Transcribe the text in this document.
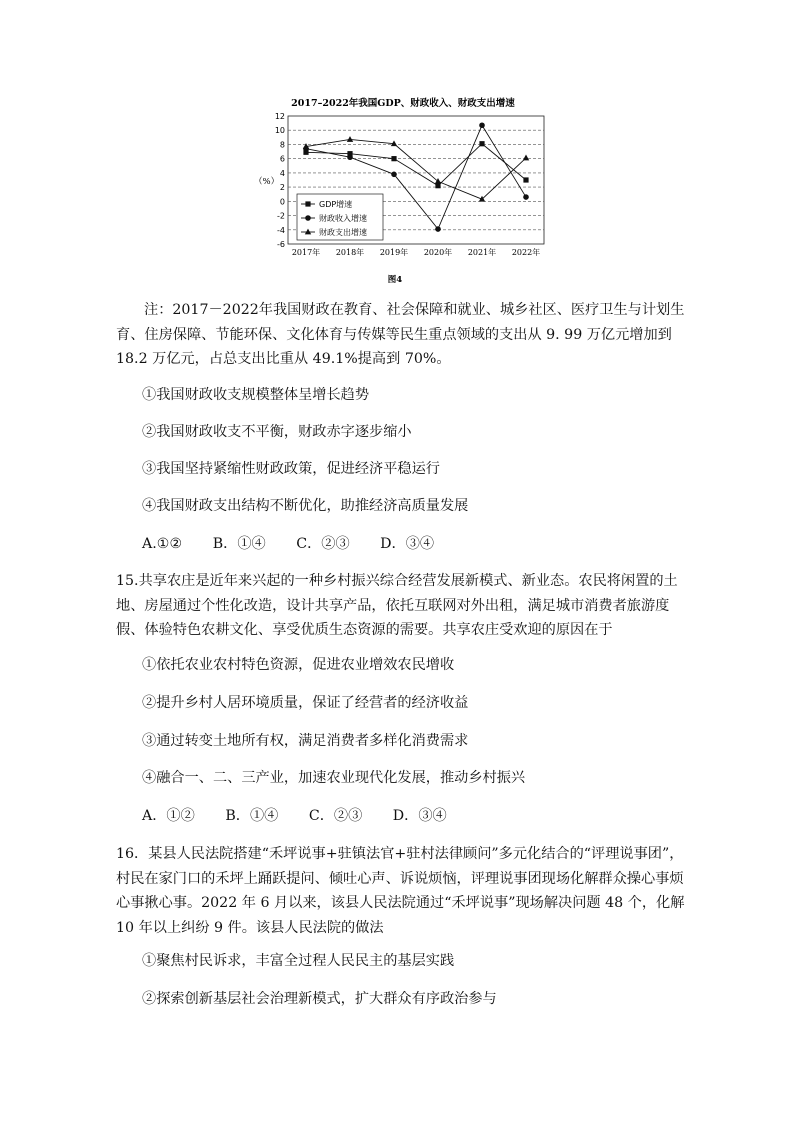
2017–2022年我国GDP、财政收入、财政支出增速
（%）
12
10
8
6
4
2
0
-2
-4
-6
2017年 2018年 2019年 2020年 2021年 2022年
GDP增速
财政收入增速
财政支出增速
图4

注：2017－2022年我国财政在教育、社会保障和就业、城乡社区、医疗卫生与计划生育、住房保障、节能环保、文化体育与传媒等民生重点领域的支出从 9. 99 万亿元增加到18.2 万亿元，占总支出比重从 49.1%提高到 70%。

①我国财政收支规模整体呈增长趋势

②我国财政收支不平衡，财政赤字逐步缩小

③我国坚持紧缩性财政政策，促进经济平稳运行

④我国财政支出结构不断优化，助推经济高质量发展

A.①② B．①④ C．②③ D．③④

15.共享农庄是近年来兴起的一种乡村振兴综合经营发展新模式、新业态。农民将闲置的土地、房屋通过个性化改造，设计共享产品，依托互联网对外出租，满足城市消费者旅游度假、体验特色农耕文化、享受优质生态资源的需要。共享农庄受欢迎的原因在于

①依托农业农村特色资源，促进农业增效农民增收

②提升乡村人居环境质量，保证了经营者的经济收益

③通过转变土地所有权，满足消费者多样化消费需求

④融合一、二、三产业，加速农业现代化发展，推动乡村振兴

A．①② B．①④ C．②③ D．③④

16．某县人民法院搭建“禾坪说事+驻镇法官+驻村法律顾问”多元化结合的“评理说事团”，村民在家门口的禾坪上踊跃提问、倾吐心声、诉说烦恼，评理说事团现场化解群众操心事烦心事揪心事。2022 年 6 月以来，该县人民法院通过“禾坪说事”现场解决问题 48 个，化解 10 年以上纠纷 9 件。该县人民法院的做法

①聚焦村民诉求，丰富全过程人民民主的基层实践

②探索创新基层社会治理新模式，扩大群众有序政治参与
